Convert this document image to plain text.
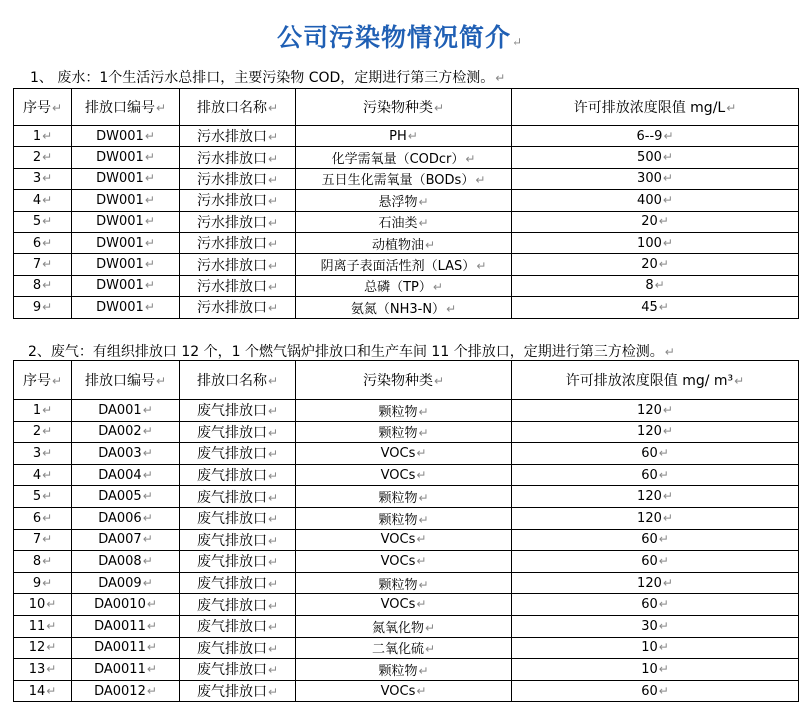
公司污染物情况简介↵
1、 废水：1个生活污水总排口，主要污染物 COD，定期进行第三方检测。↵
序号↵	排放口编号↵	排放口名称↵	污染物种类↵	许可排放浓度限值 mg/L↵
1↵	DW001↵	污水排放口↵	PH↵	6--9↵
2↵	DW001↵	污水排放口↵	化学需氧量（CODcr）↵	500↵
3↵	DW001↵	污水排放口↵	五日生化需氧量（BODs）↵	300↵
4↵	DW001↵	污水排放口↵	悬浮物↵	400↵
5↵	DW001↵	污水排放口↵	石油类↵	20↵
6↵	DW001↵	污水排放口↵	动植物油↵	100↵
7↵	DW001↵	污水排放口↵	阴离子表面活性剂（LAS）↵	20↵
8↵	DW001↵	污水排放口↵	总磷（TP）↵	8↵
9↵	DW001↵	污水排放口↵	氨氮（NH3-N）↵	45↵
2、废气：有组织排放口 12 个，1 个燃气锅炉排放口和生产车间 11 个排放口，定期进行第三方检测。↵
序号↵	排放口编号↵	排放口名称↵	污染物种类↵	许可排放浓度限值 mg/ m³↵
1↵	DA001↵	废气排放口↵	颗粒物↵	120↵
2↵	DA002↵	废气排放口↵	颗粒物↵	120↵
3↵	DA003↵	废气排放口↵	VOCs↵	60↵
4↵	DA004↵	废气排放口↵	VOCs↵	60↵
5↵	DA005↵	废气排放口↵	颗粒物↵	120↵
6↵	DA006↵	废气排放口↵	颗粒物↵	120↵
7↵	DA007↵	废气排放口↵	VOCs↵	60↵
8↵	DA008↵	废气排放口↵	VOCs↵	60↵
9↵	DA009↵	废气排放口↵	颗粒物↵	120↵
10↵	DA0010↵	废气排放口↵	VOCs↵	60↵
11↵	DA0011↵	废气排放口↵	氮氧化物↵	30↵
12↵	DA0011↵	废气排放口↵	二氧化硫↵	10↵
13↵	DA0011↵	废气排放口↵	颗粒物↵	10↵
14↵	DA0012↵	废气排放口↵	VOCs↵	60↵
